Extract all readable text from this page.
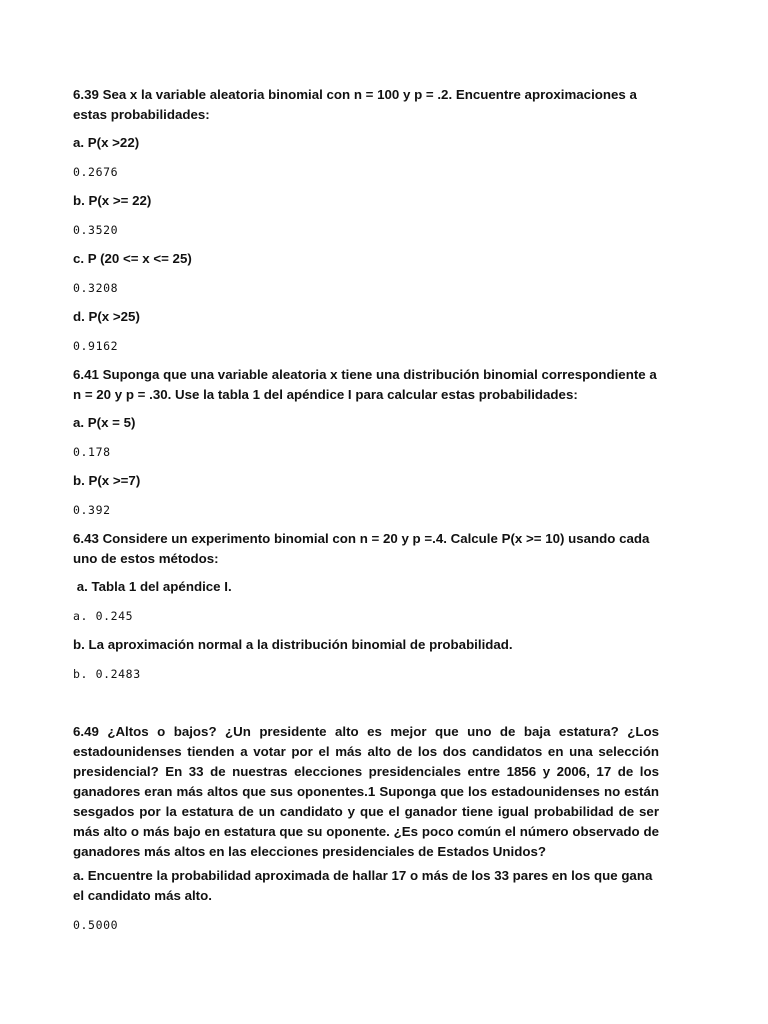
6.39 Sea x la variable aleatoria binomial con n = 100 y p = .2. Encuentre aproximaciones a estas probabilidades:

a. P(x >22)

0.2676

b. P(x >= 22)

0.3520

c. P (20 <= x <= 25)

0.3208

d. P(x >25)

0.9162

6.41 Suponga que una variable aleatoria x tiene una distribución binomial correspondiente a n = 20 y p = .30. Use la tabla 1 del apéndice I para calcular estas probabilidades:

a. P(x = 5)

0.178

b. P(x >=7)

0.392

6.43 Considere un experimento binomial con n = 20 y p =.4. Calcule P(x >= 10) usando cada uno de estos métodos:

a. Tabla 1 del apéndice I.

a. 0.245

b. La aproximación normal a la distribución binomial de probabilidad.

b. 0.2483

6.49 ¿Altos o bajos? ¿Un presidente alto es mejor que uno de baja estatura? ¿Los estadounidenses tienden a votar por el más alto de los dos candidatos en una selección presidencial? En 33 de nuestras elecciones presidenciales entre 1856 y 2006, 17 de los ganadores eran más altos que sus oponentes.1 Suponga que los estadounidenses no están sesgados por la estatura de un candidato y que el ganador tiene igual probabilidad de ser más alto o más bajo en estatura que su oponente. ¿Es poco común el número observado de ganadores más altos en las elecciones presidenciales de Estados Unidos?

a. Encuentre la probabilidad aproximada de hallar 17 o más de los 33 pares en los que gana el candidato más alto.

0.5000
